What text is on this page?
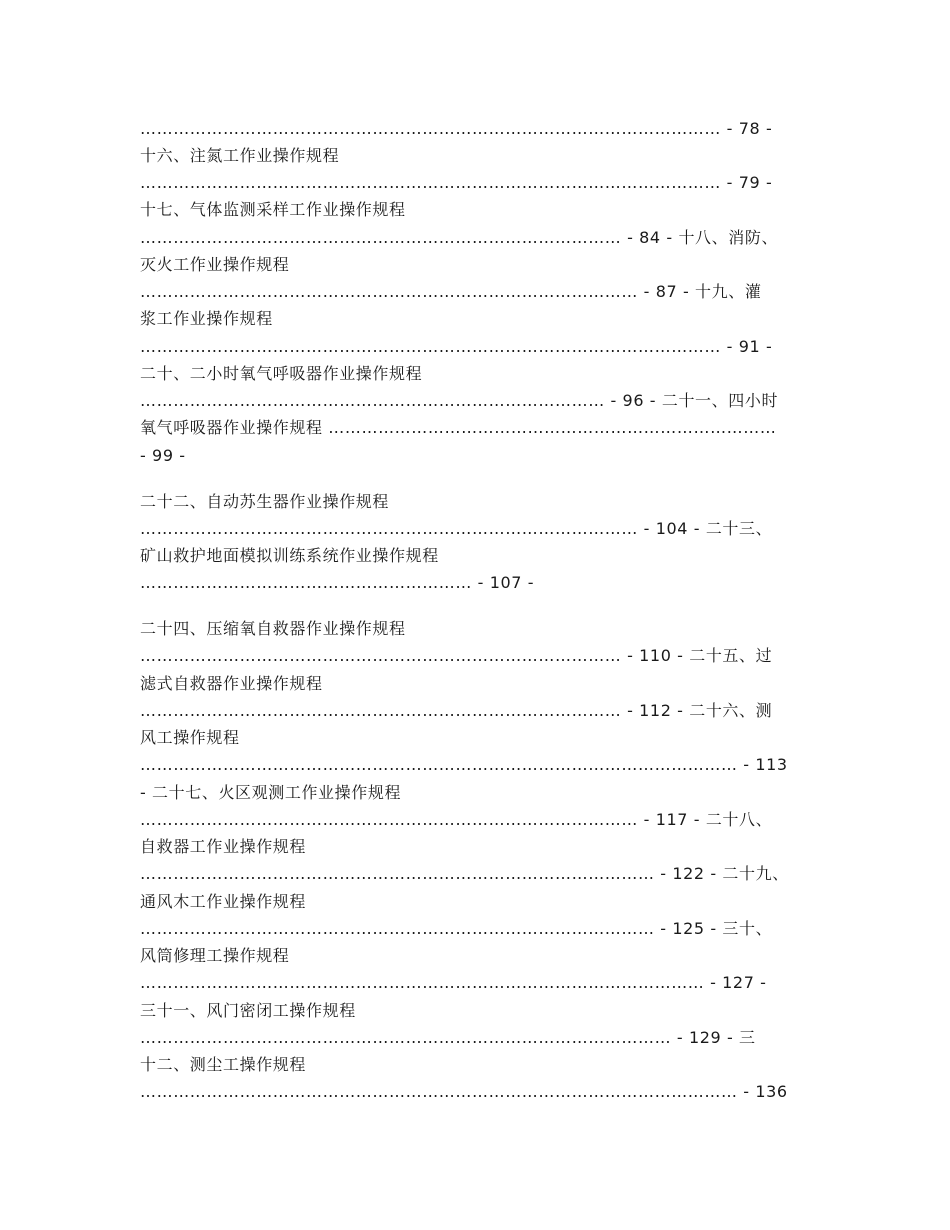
…………………………………………………………………………………………… - 78 -
十六、注氮工作业操作规程
…………………………………………………………………………………………… - 79 -
十七、气体监测采样工作业操作规程
…………………………………………………………………………… - 84 - 十八、消防、
灭火工作业操作规程
……………………………………………………………………………… - 87 - 十九、灌
浆工作业操作规程
…………………………………………………………………………………………… - 91 -
二十、二小时氧气呼吸器作业操作规程
………………………………………………………………………… - 96 - 二十一、四小时
氧气呼吸器作业操作规程 ………………………………………………………………………
- 99 -
二十二、自动苏生器作业操作规程
……………………………………………………………………………… - 104 - 二十三、
矿山救护地面模拟训练系统作业操作规程
…………………………………………………… - 107 -
二十四、压缩氧自救器作业操作规程
…………………………………………………………………………… - 110 - 二十五、过
滤式自救器作业操作规程
…………………………………………………………………………… - 112 - 二十六、测
风工操作规程
……………………………………………………………………………………………… - 113
- 二十七、火区观测工作业操作规程
……………………………………………………………………………… - 117 - 二十八、
自救器工作业操作规程
………………………………………………………………………………… - 122 - 二十九、
通风木工作业操作规程
………………………………………………………………………………… - 125 - 三十、
风筒修理工操作规程
………………………………………………………………………………………… - 127 -
三十一、风门密闭工操作规程
…………………………………………………………………………………… - 129 - 三
十二、测尘工操作规程
……………………………………………………………………………………………… - 136
